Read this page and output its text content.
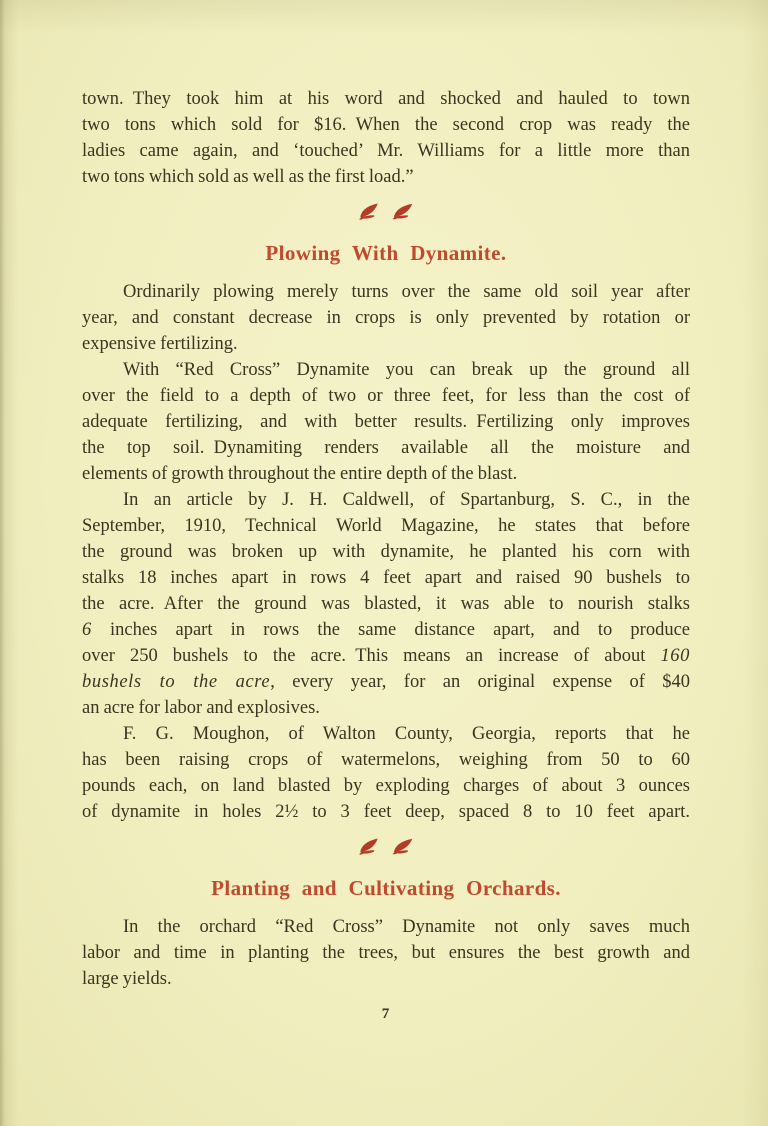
town. They took him at his word and shocked and hauled to town
two tons which sold for $16. When the second crop was ready the
ladies came again, and ‘touched’ Mr. Williams for a little more than
two tons which sold as well as the first load.”
Plowing With Dynamite.
Ordinarily plowing merely turns over the same old soil year after
year, and constant decrease in crops is only prevented by rotation or
expensive fertilizing.
With “Red Cross” Dynamite you can break up the ground all
over the field to a depth of two or three feet, for less than the cost of
adequate fertilizing, and with better results. Fertilizing only improves
the top soil. Dynamiting renders available all the moisture and
elements of growth throughout the entire depth of the blast.
In an article by J. H. Caldwell, of Spartanburg, S. C., in the
September, 1910, Technical World Magazine, he states that before
the ground was broken up with dynamite, he planted his corn with
stalks 18 inches apart in rows 4 feet apart and raised 90 bushels to
the acre. After the ground was blasted, it was able to nourish stalks
6 inches apart in rows the same distance apart, and to produce
over 250 bushels to the acre. This means an increase of about 160
bushels to the acre, every year, for an original expense of $40
an acre for labor and explosives.
F. G. Moughon, of Walton County, Georgia, reports that he
has been raising crops of watermelons, weighing from 50 to 60
pounds each, on land blasted by exploding charges of about 3 ounces
of dynamite in holes 2½ to 3 feet deep, spaced 8 to 10 feet apart.
Planting and Cultivating Orchards.
In the orchard “Red Cross” Dynamite not only saves much
labor and time in planting the trees, but ensures the best growth and
large yields.
7
